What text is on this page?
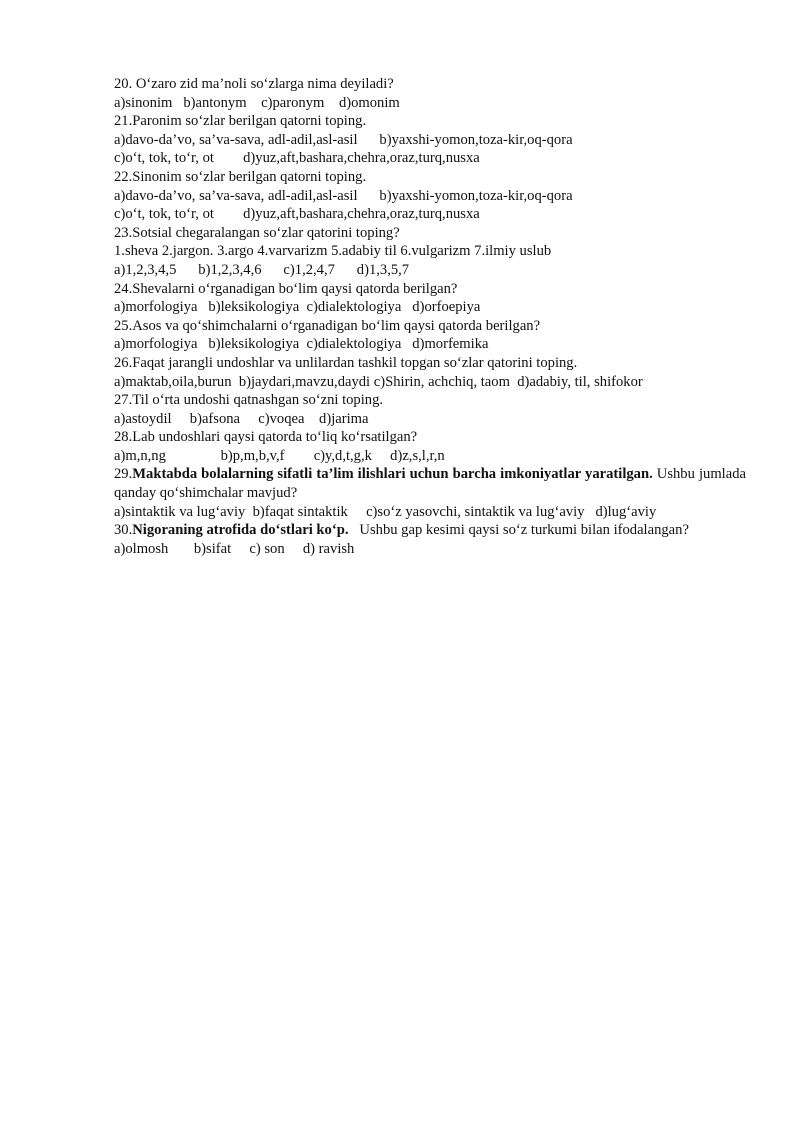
20. O‘zaro zid ma’noli so‘zlarga nima deyiladi?
a)sinonim   b)antonym    c)paronym    d)omonim
21.Paronim so‘zlar berilgan qatorni toping.
a)davo-da’vo, sa’va-sava, adl-adil,asl-asil      b)yaxshi-yomon,toza-kir,oq-qora
c)o‘t, tok, to‘r, ot        d)yuz,aft,bashara,chehra,oraz,turq,nusxa
22.Sinonim so‘zlar berilgan qatorni toping.
a)davo-da’vo, sa’va-sava, adl-adil,asl-asil      b)yaxshi-yomon,toza-kir,oq-qora
c)o‘t, tok, to‘r, ot        d)yuz,aft,bashara,chehra,oraz,turq,nusxa
23.Sotsial chegaralangan so‘zlar qatorini toping?
1.sheva 2.jargon. 3.argo 4.varvarizm 5.adabiy til 6.vulgarizm 7.ilmiy uslub
a)1,2,3,4,5      b)1,2,3,4,6      c)1,2,4,7      d)1,3,5,7
24.Shevalarni o‘rganadigan bo‘lim qaysi qatorda berilgan?
a)morfologiya   b)leksikologiya  c)dialektologiya   d)orfoepiya
25.Asos va qo‘shimchalarni o‘rganadigan bo‘lim qaysi qatorda berilgan?
a)morfologiya   b)leksikologiya  c)dialektologiya   d)morfemika
26.Faqat jarangli undoshlar va unlilardan tashkil topgan so‘zlar qatorini toping.
a)maktab,oila,burun  b)jaydari,mavzu,daydi c)Shirin, achchiq, taom  d)adabiy, til, shifokor
27.Til o‘rta undoshi qatnashgan so‘zni toping.
a)astoydil     b)afsona     c)voqea    d)jarima
28.Lab undoshlari qaysi qatorda to‘liq ko‘rsatilgan?
a)m,n,ng               b)p,m,b,v,f        c)y,d,t,g,k     d)z,s,l,r,n
29.Maktabda bolalarning sifatli ta’lim ilishlari uchun barcha imkoniyatlar yaratilgan. Ushbu jumlada qanday qo‘shimchalar mavjud?
a)sintaktik va lug‘aviy  b)faqat sintaktik     c)so‘z yasovchi, sintaktik va lug‘aviy   d)lug‘aviy
30.Nigoraning atrofida do‘stlari ko‘p.   Ushbu gap kesimi qaysi so‘z turkumi bilan ifodalangan?
a)olmosh       b)sifat     c) son     d) ravish
